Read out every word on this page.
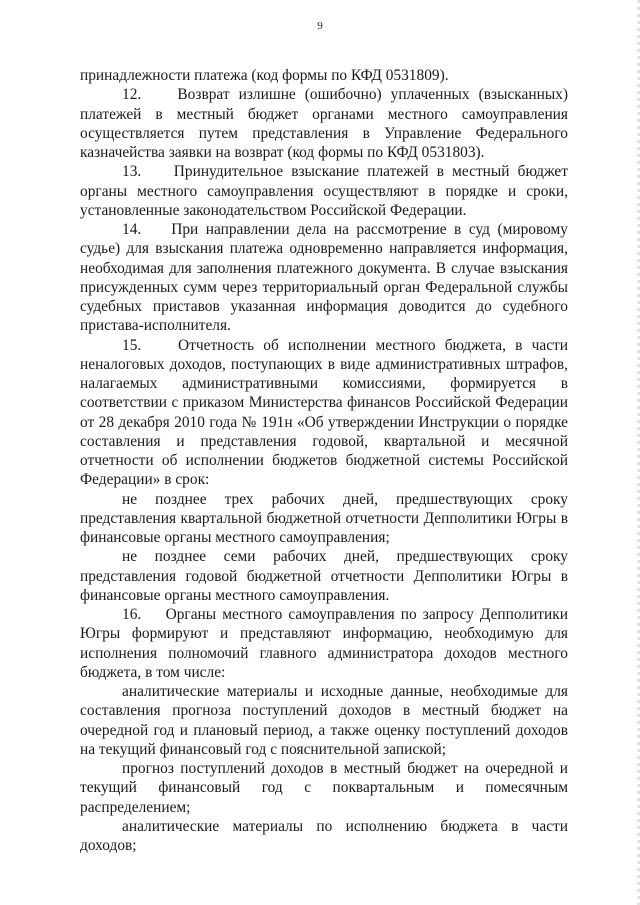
9

принадлежности платежа (код формы по КФД 0531809).

12.    Возврат излишне (ошибочно) уплаченных (взысканных) платежей в местный бюджет органами местного самоуправления осуществляется путем представления в Управление Федерального казначейства заявки на возврат (код формы по КФД 0531803).

13.    Принудительное взыскание платежей в местный бюджет органы местного самоуправления осуществляют в порядке и сроки, установленные законодательством Российской Федерации.

14.    При направлении дела на рассмотрение в суд (мировому судье) для взыскания платежа одновременно направляется информация, необходимая для заполнения платежного документа. В случае взыскания присужденных сумм через территориальный орган Федеральной службы судебных приставов указанная информация доводится до судебного пристава-исполнителя.

15.    Отчетность об исполнении местного бюджета, в части неналоговых доходов, поступающих в виде административных штрафов, налагаемых административными комиссиями, формируется в соответствии с приказом Министерства финансов Российской Федерации от 28 декабря 2010 года № 191н «Об утверждении Инструкции о порядке составления и представления годовой, квартальной и месячной отчетности об исполнении бюджетов бюджетной системы Российской Федерации» в срок:

не позднее трех рабочих дней, предшествующих сроку представления квартальной бюджетной отчетности Депполитики Югры в финансовые органы местного самоуправления;

не позднее семи рабочих дней, предшествующих сроку представления годовой бюджетной отчетности Депполитики Югры в финансовые органы местного самоуправления.

16.    Органы местного самоуправления по запросу Депполитики Югры формируют и представляют информацию, необходимую для исполнения полномочий главного администратора доходов местного бюджета, в том числе:

аналитические материалы и исходные данные, необходимые для составления прогноза поступлений доходов в местный бюджет на очередной год и плановый период, а также оценку поступлений доходов на текущий финансовый год с пояснительной запиской;

прогноз поступлений доходов в местный бюджет на очередной и текущий финансовый год с поквартальным и помесячным распределением;

аналитические материалы по исполнению бюджета в части доходов;
